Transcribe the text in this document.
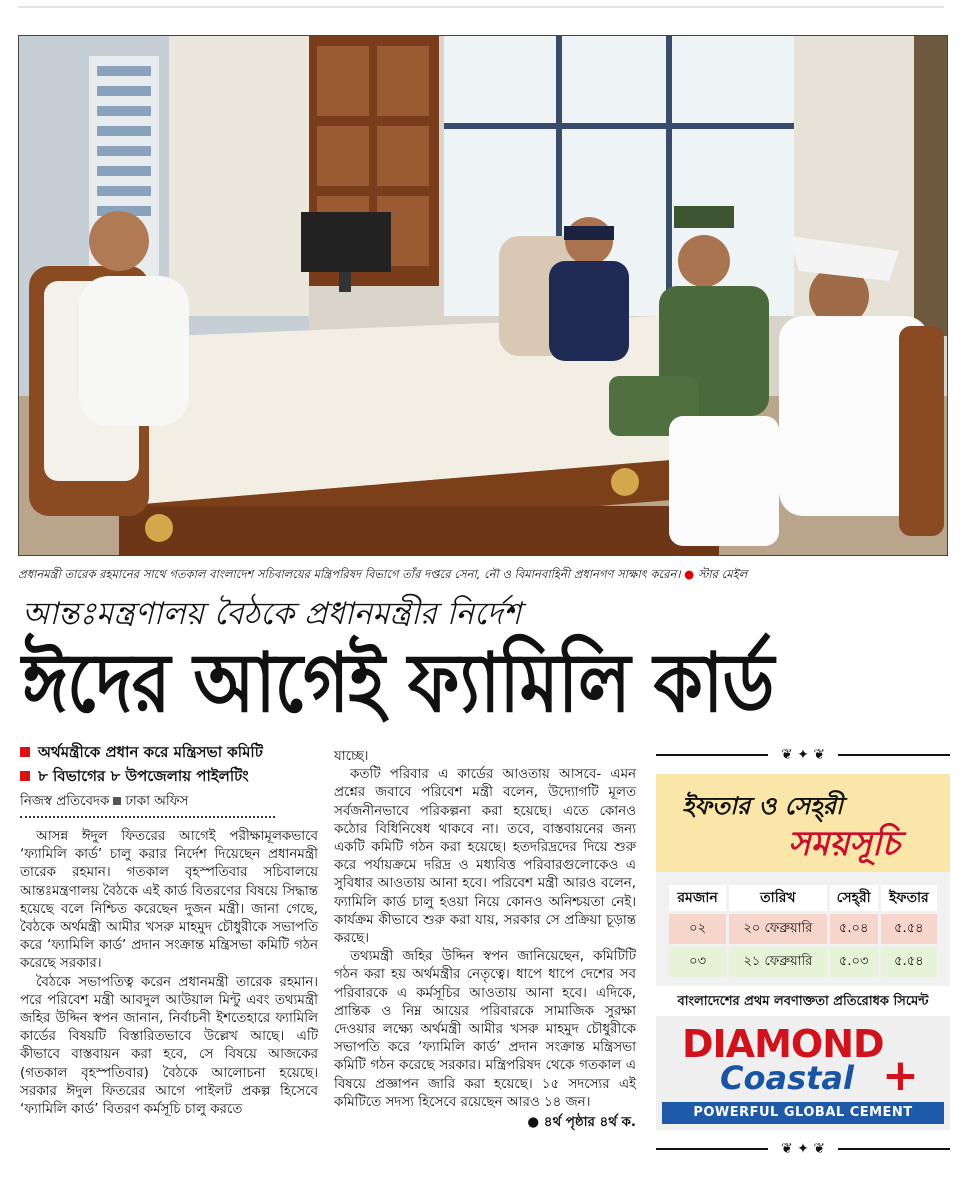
প্রধানমন্ত্রী তারেক রহমানের সাথে গতকাল বাংলাদেশ সচিবালয়ের মন্ত্রিপরিষদ বিভাগে তাঁর দপ্তরে সেনা, নৌ ও বিমানবাহিনী প্রধানগণ সাক্ষাৎ করেন। ● স্টার মেইল
আন্তঃমন্ত্রণালয় বৈঠকে প্রধানমন্ত্রীর নির্দেশ
ঈদের আগেই ফ্যামিলি কার্ড
অর্থমন্ত্রীকে প্রধান করে মন্ত্রিসভা কমিটি
৮ বিভাগের ৮ উপজেলায় পাইলটিং
নিজস্ব প্রতিবেদক ঢাকা অফিস

আসন্ন ঈদুল ফিতরের আগেই পরীক্ষামূলকভাবে ‘ফ্যামিলি কার্ড’ চালু করার নির্দেশ দিয়েছেন প্রধানমন্ত্রী তারেক রহমান। গতকাল বৃহস্পতিবার সচিবালয়ে আন্তঃমন্ত্রণালয় বৈঠকে এই কার্ড বিতরণের বিষয়ে সিদ্ধান্ত হয়েছে বলে নিশ্চিত করেছেন দুজন মন্ত্রী। জানা গেছে, বৈঠকে অর্থমন্ত্রী আমীর খসরু মাহমুদ চৌধুরীকে সভাপতি করে ‘ফ্যামিলি কার্ড’ প্রদান সংক্রান্ত মন্ত্রিসভা কমিটি গঠন করেছে সরকার।

বৈঠকে সভাপতিত্ব করেন প্রধানমন্ত্রী তারেক রহমান। পরে পরিবেশ মন্ত্রী আবদুল আউয়াল মিন্টু এবং তথ্যমন্ত্রী জহির উদ্দিন স্বপন জানান, নির্বাচনী ইশতেহারে ফ্যামিলি কার্ডের বিষয়টি বিস্তারিতভাবে উল্লেখ আছে। এটি কীভাবে বাস্তবায়ন করা হবে, সে বিষয়ে আজকের (গতকাল বৃহস্পতিবার) বৈঠকে আলোচনা হয়েছে। সরকার ঈদুল ফিতরের আগে পাইলট প্রকল্প হিসেবে ‘ফ্যামিলি কার্ড’ বিতরণ কর্মসূচি চালু করতে

যাচ্ছে।

কতটি পরিবার এ কার্ডের আওতায় আসবে- এমন প্রশ্নের জবাবে পরিবেশ মন্ত্রী বলেন, উদ্যোগটি মূলত সর্বজনীনভাবে পরিকল্পনা করা হয়েছে। এতে কোনও কঠোর বিধিনিষেধ থাকবে না। তবে, বাস্তবায়নের জন্য একটি কমিটি গঠন করা হয়েছে। হতদরিদ্রদের দিয়ে শুরু করে পর্যায়ক্রমে দরিদ্র ও মধ্যবিত্ত পরিবারগুলোকেও এ সুবিধার আওতায় আনা হবে। পরিবেশ মন্ত্রী আরও বলেন, ফ্যামিলি কার্ড চালু হওয়া নিয়ে কোনও অনিশ্চয়তা নেই। কার্যক্রম কীভাবে শুরু করা যায়, সরকার সে প্রক্রিয়া চূড়ান্ত করছে।

তথ্যমন্ত্রী জহির উদ্দিন স্বপন জানিয়েছেন, কমিটিটি গঠন করা হয় অর্থমন্ত্রীর নেতৃত্বে। ধাপে ধাপে দেশের সব পরিবারকে এ কর্মসূচির আওতায় আনা হবে। এদিকে, প্রান্তিক ও নিম্ন আয়ের পরিবারকে সামাজিক সুরক্ষা দেওয়ার লক্ষ্যে অর্থমন্ত্রী আমীর খসরু মাহমুদ চৌধুরীকে সভাপতি করে ‘ফ্যামিলি কার্ড’ প্রদান সংক্রান্ত মন্ত্রিসভা কমিটি গঠন করেছে সরকার। মন্ত্রিপরিষদ থেকে গতকাল এ বিষয়ে প্রজ্ঞাপন জারি করা হয়েছে। ১৫ সদস্যের এই কমিটিতে সদস্য হিসেবে রয়েছেন আরও ১৪ জন।

● ৪র্থ পৃষ্ঠার ৪র্থ ক.
❦ ✦ ❦
ইফতার ও সেহ্‌রী
সময়সূচি
রমজান	তারিখ	সেহ্‌রী	ইফতার
০২	২০ ফেব্রুয়ারি	৫.০৪	৫.৫৪
০৩	২১ ফেব্রুয়ারি	৫.০৩	৫.৫৪
বাংলাদেশের প্রথম লবণাক্ততা প্রতিরোধক সিমেন্ট
DIAMOND
Coastal +
POWERFUL GLOBAL CEMENT
❦ ✦ ❦
